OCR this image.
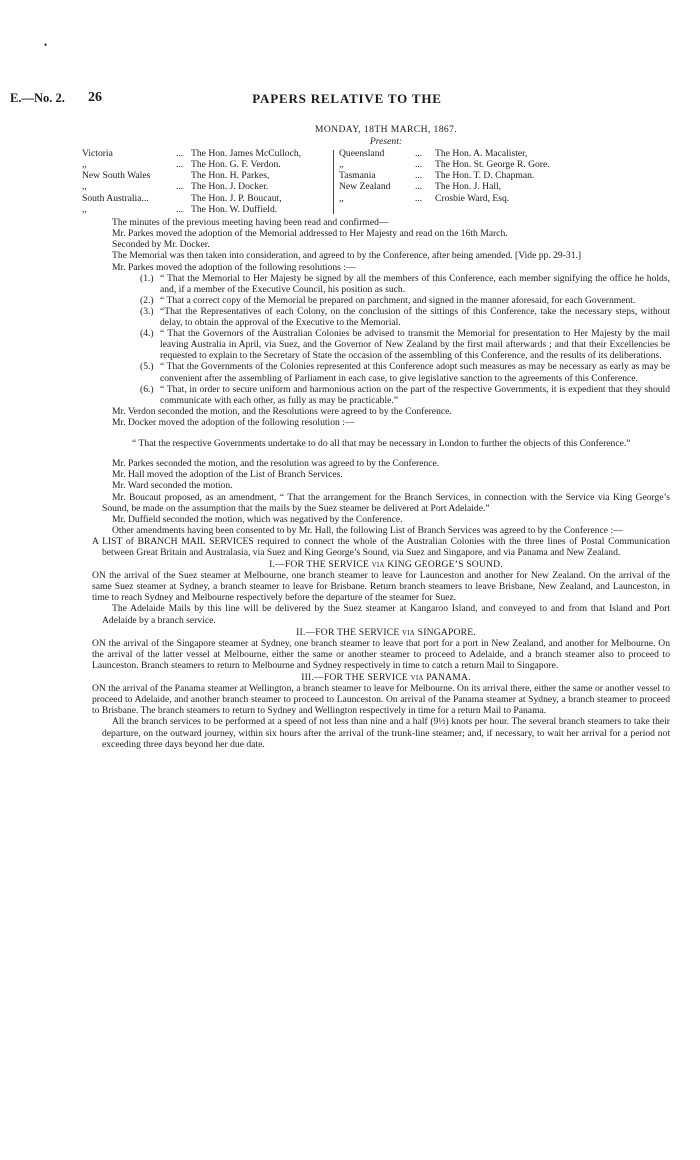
•
E.—No. 2. 26	PAPERS RELATIVE TO THE
MONDAY, 18TH MARCH, 1867.
Present:
Victoria	... The Hon. James McCulloch,
,,	... The Hon. G. F. Verdon.
New South Wales	The Hon. H. Parkes,
,,	... The Hon. J. Docker.
South Australia...	The Hon. J. P. Boucaut,
,,	... The Hon. W. Duffield.
Queensland	... The Hon. A. Macalister,
,,	... The Hon. St. George R. Gore.
Tasmania	... The Hon. T. D. Chapman.
New Zealand	... The Hon. J. Hall,
,,	... Crosbie Ward, Esq.

The minutes of the previous meeting having been read and confirmed—

Mr. Parkes moved the adoption of the Memorial addressed to Her Majesty and read on the 16th March.

Seconded by Mr. Docker.

The Memorial was then taken into consideration, and agreed to by the Conference, after being amended. [Vide pp. 29-31.]

Mr. Parkes moved the adoption of the following resolutions :—

(1.) “ That the Memorial to Her Majesty be signed by all the members of this Conference, each member signifying the office he holds, and, if a member of the Executive Council, his position as such.
(2.) “ That a correct copy of the Memorial be prepared on parchment, and signed in the manner aforesaid, for each Government.
(3.) “That the Representatives of each Colony, on the conclusion of the sittings of this Conference, take the necessary steps, without delay, to obtain the approval of the Executive to the Memorial.
(4.) “ That the Governors of the Australian Colonies be advised to transmit the Memorial for presentation to Her Majesty by the mail leaving Australia in April, via Suez, and the Governor of New Zealand by the first mail afterwards ; and that their Excellencies be requested to explain to the Secretary of State the occasion of the assembling of this Conference, and the results of its deliberations.
(5.) “ That the Governments of the Colonies represented at this Conference adopt such measures as may be necessary as early as may be convenient after the assembling of Parliament in each case, to give legislative sanction to the agreements of this Conference.
(6.) “ That, in order to secure uniform and harmonious action on the part of the respective Governments, it is expedient that they should communicate with each other, as fully as may be practicable.”

Mr. Verdon seconded the motion, and the Resolutions were agreed to by the Conference.

Mr. Docker moved the adoption of the following resolution :—

“ That the respective Governments undertake to do all that may be necessary in London to further the objects of this Conference.”

Mr. Parkes seconded the motion, and the resolution was agreed to by the Conference.

Mr. Hall moved the adoption of the List of Branch Services.

Mr. Ward seconded the motion.

Mr. Boucaut proposed, as an amendment, “ That the arrangement for the Branch Services, in connection with the Service via King George’s Sound, be made on the assumption that the mails by the Suez steamer be delivered at Port Adelaide.”

Mr. Duffield seconded the motion, which was negatived by the Conference.

Other amendments having been consented to by Mr. Hall, the following List of Branch Services was agreed to by the Conference :—

A LIST of BRANCH MAIL SERVICES required to connect the whole of the Australian Colonies with the three lines of Postal Communication between Great Britain and Australasia, via Suez and King George’s Sound, via Suez and Singapore, and via Panama and New Zealand.

I.—FOR THE SERVICE via KING GEORGE’S SOUND.

ON the arrival of the Suez steamer at Melbourne, one branch steamer to leave for Launceston and another for New Zealand. On the arrival of the same Suez steamer at Sydney, a branch steamer to leave for Brisbane. Return branch steamers to leave Brisbane, New Zealand, and Launceston, in time to reach Sydney and Melbourne respectively before the departure of the steamer for Suez.

The Adelaide Mails by this line will be delivered by the Suez steamer at Kangaroo Island, and conveyed to and from that Island and Port Adelaide by a branch service.

II.—FOR THE SERVICE via SINGAPORE.

ON the arrival of the Singapore steamer at Sydney, one branch steamer to leave that port for a port in New Zealand, and another for Melbourne. On the arrival of the latter vessel at Melbourne, either the same or another steamer to proceed to Adelaide, and a branch steamer also to proceed to Launceston. Branch steamers to return to Melbourne and Sydney respectively in time to catch a return Mail to Singapore.

III.—FOR THE SERVICE via PANAMA.

ON the arrival of the Panama steamer at Wellington, a branch steamer to leave for Melbourne. On its arrival there, either the same or another vessel to proceed to Adelaide, and another branch steamer to proceed to Launceston. On arrival of the Panama steamer at Sydney, a branch steamer to proceed to Brisbane. The branch steamers to return to Sydney and Wellington respectively in time for a return Mail to Panama.

All the branch services to be performed at a speed of not less than nine and a half (9½) knots per hour. The several branch steamers to take their departure, on the outward journey, within six hours after the arrival of the trunk-line steamer; and, if necessary, to wait her arrival for a period not exceeding three days beyond her due date.
